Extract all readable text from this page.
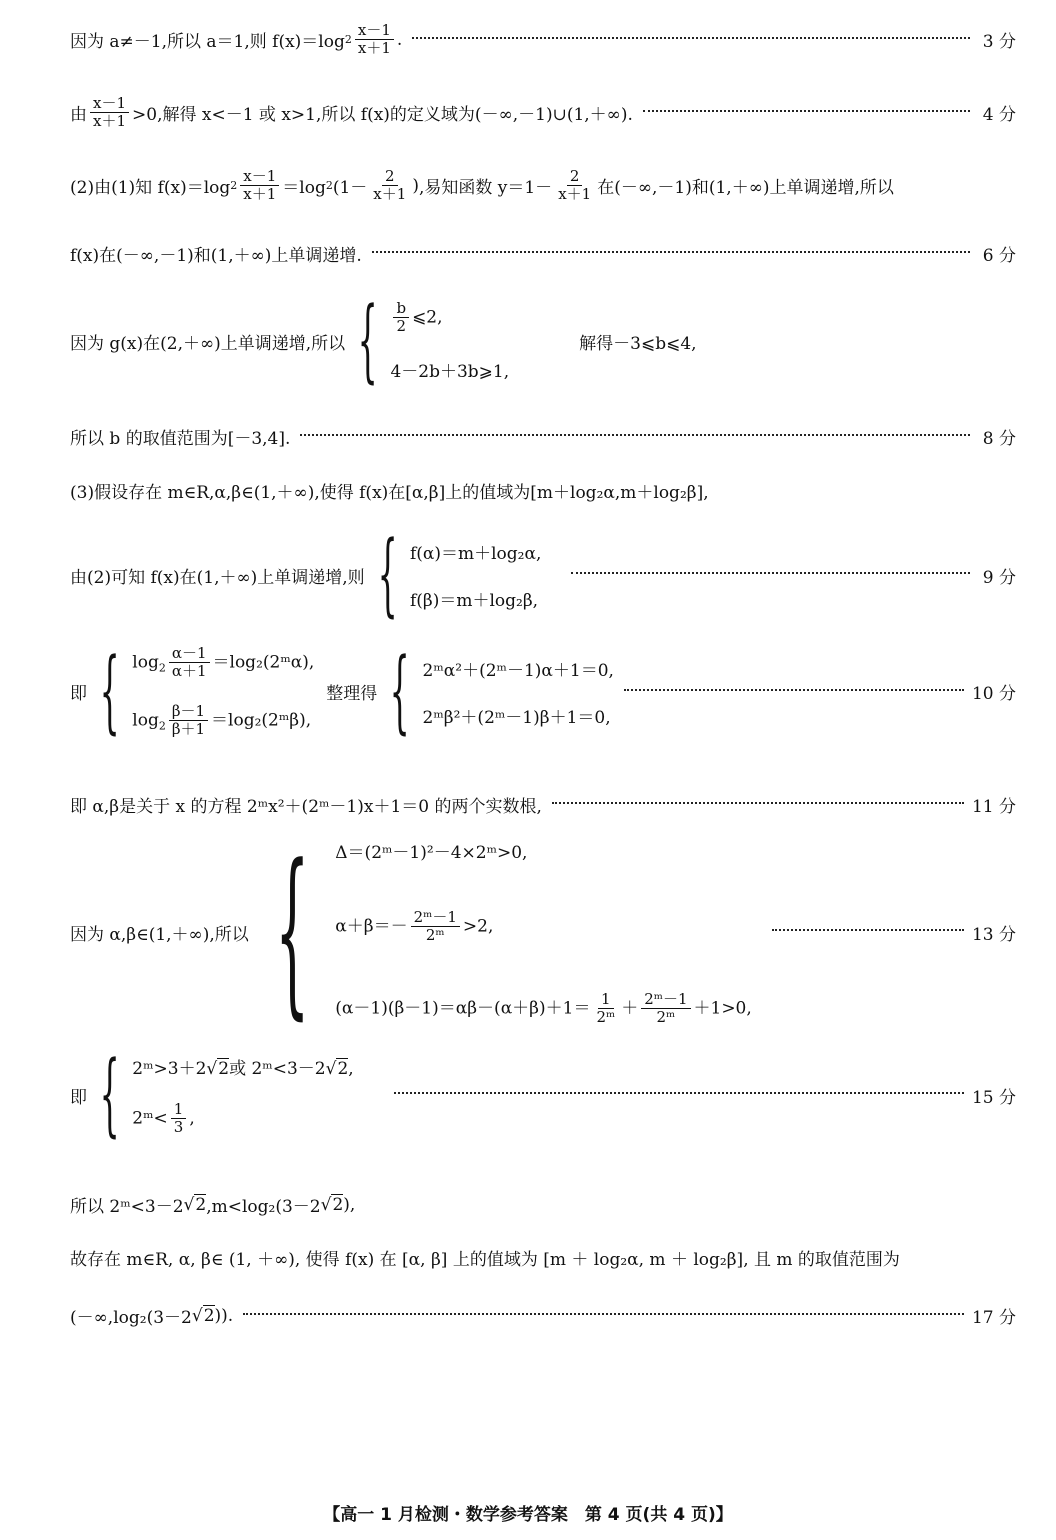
因为 a≠－1,所以 a＝1,则 f(x)＝log $2 \frac{x-1}{x+1}$ .	3 分
由 $\frac{x-1}{x+1} >0$,解得 x<－1 或 x>1,所以 f(x)的定义域为(－∞,－1)∪(1,＋∞).	4 分
(2)由(1)知 f(x)＝log $2 \frac{x-1}{x+1} =\log$ 2 ($1- \frac{2}{x+1}$ ) ,易知函数 $y=1- \frac{2}{x+1}$ 在(－∞,－1)和(1,＋∞)上单调递增,所以
f(x)在(－∞,－1)和(1,＋∞)上单调递增.	6 分
因为 g(x)在(2,＋∞)上单调递增,所以 { $\frac{b}{2}$ ⩽2,
4－2b＋3b⩾1,
解得－3⩽b⩽4,
所以 b 的取值范围为[－3,4].	8 分
(3)假设存在 m∈R,α,β∈(1,＋∞),使得 f(x)在[α,β]上的值域为[m＋log₂α,m＋log₂β],
由(2)可知 f(x)在(1,＋∞)上单调递增,则 { f(α)＝m＋log₂α,
f(β)＝m＋log₂β,
9 分
即 { $\log_2 \frac{\alpha-1}{\alpha+1}$ ＝log₂(2ᵐα),
$\log_2 \frac{\beta-1}{\beta+1}$ ＝log₂(2ᵐβ),
整理得 { 2ᵐα²＋(2ᵐ－1)α＋1＝0,
2ᵐβ²＋(2ᵐ－1)β＋1＝0,
10 分
即 α,β是关于 x 的方程 2ᵐx²＋(2ᵐ－1)x＋1＝0 的两个实数根,	11 分
因为 α,β∈(1,＋∞),所以 { Δ＝(2ᵐ－1)²－4×2ᵐ>0,
$\alpha+\beta=- \frac{\text{2ᵐ－1}}{\text{2ᵐ}} >2$,
$(\alpha-1)(\beta-1)=\alpha\beta-(\alpha+\beta)+1= \frac{1}{\text{2ᵐ}} + \frac{\text{2ᵐ－1}}{\text{2ᵐ}} +1>0$,
13 分
即 { 2ᵐ>3＋2√2或 2ᵐ<3－2√2,
2ᵐ< $\frac{1}{3}$ ,
15 分
所以 2ᵐ<3－2 √ 2 ,m<log₂(3－2 √ 2 ),
故存在 m∈R, α, β∈ (1, ＋∞), 使得 f(x) 在 [α, β] 上的值域为 [m ＋ log₂α, m ＋ log₂β], 且 m 的取值范围为
(－∞,log₂(3－2 √ 2 )).	17 分
【高一 1 月检测・数学参考答案　第 4 页(共 4 页)】
